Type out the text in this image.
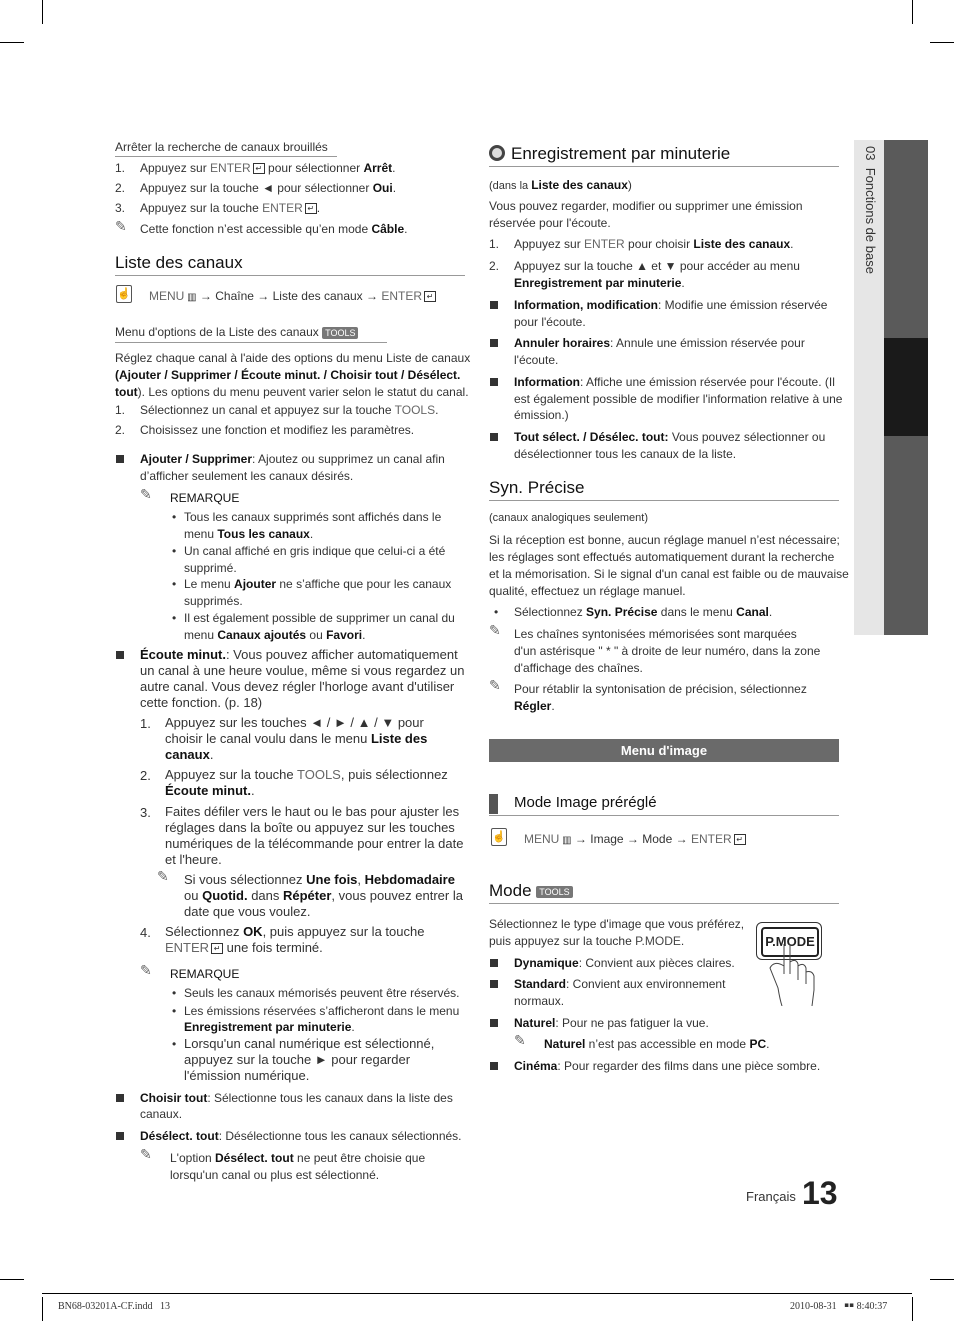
03  Fonctions de base
Arrêter la recherche de canaux brouillés
1. Appuyez sur ENTER ↵ pour sélectionner Arrêt.
2. Appuyez sur la touche ◄ pour sélectionner Oui.
3. Appuyez sur la touche ENTER ↵ .
✎ Cette fonction n’est accessible qu’en mode Câble.
Liste des canaux
☝ MENU ▥ → Chaîne → Liste des canaux → ENTER ↵
Menu d'options de la Liste des canaux TOOLS
Réglez chaque canal à l'aide des options du menu Liste de canaux
(Ajouter / Supprimer / Écoute minut. / Choisir tout / Désélect.
tout). Les options du menu peuvent varier selon le statut du canal.
1. Sélectionnez un canal et appuyez sur la touche TOOLS.
2. Choisissez une fonction et modifiez les paramètres.
Ajouter / Supprimer: Ajoutez ou supprimez un canal afin
d’afficher seulement les canaux désirés.
✎ REMARQUE
• Tous les canaux supprimés sont affichés dans le
menu Tous les canaux.
• Un canal affiché en gris indique que celui-ci a été
supprimé.
• Le menu Ajouter ne s’affiche que pour les canaux
supprimés.
• Il est également possible de supprimer un canal du
menu Canaux ajoutés ou Favori.
Écoute minut.: Vous pouvez afficher automatiquement
un canal à une heure voulue, même si vous regardez un
autre canal. Vous devez régler l'horloge avant d'utiliser
cette fonction. (p. 18)
1. Appuyez sur les touches ◄ / ► / ▲ / ▼ pour
choisir le canal voulu dans le menu Liste des
canaux.
2. Appuyez sur la touche TOOLS, puis sélectionnez
Écoute minut..
3. Faites défiler vers le haut ou le bas pour ajuster les
réglages dans la boîte ou appuyez sur les touches
numériques de la télécommande pour entrer la date
et l'heure.
✎ Si vous sélectionnez Une fois, Hebdomadaire
ou Quotid. dans Répéter, vous pouvez entrer la
date que vous voulez.
4. Sélectionnez OK, puis appuyez sur la touche
ENTER ↵ une fois terminé.
✎ REMARQUE
• Seuls les canaux mémorisés peuvent être réservés.
• Les émissions réservées s’afficheront dans le menu
Enregistrement par minuterie.
• Lorsqu'un canal numérique est sélectionné,
appuyez sur la touche ► pour regarder
l'émission numérique.
Choisir tout: Sélectionne tous les canaux dans la liste des
canaux.
Désélect. tout: Désélectionne tous les canaux sélectionnés.
✎ L'option Désélect. tout ne peut être choisie que
lorsqu'un canal ou plus est sélectionné.
Enregistrement par minuterie
(dans la Liste des canaux)
Vous pouvez regarder, modifier ou supprimer une émission
réservée pour l'écoute.
1. Appuyez sur ENTER pour choisir Liste des canaux.
2. Appuyez sur la touche ▲ et ▼ pour accéder au menu
Enregistrement par minuterie.
Information, modification: Modifie une émission réservée
pour l'écoute.
Annuler horaires: Annule une émission réservée pour
l'écoute.
Information: Affiche une émission réservée pour l'écoute. (Il
est également possible de modifier l'information relative à une
émission.)
Tout sélect. / Désélec. tout: Vous pouvez sélectionner ou
désélectionner tous les canaux de la liste.
Syn. Précise
(canaux analogiques seulement)
Si la réception est bonne, aucun réglage manuel n’est nécessaire;
les réglages sont effectués automatiquement durant la recherche
et la mémorisation. Si le signal d'un canal est faible ou de mauvaise
qualité, effectuez un réglage manuel.
• Sélectionnez Syn. Précise dans le menu Canal.
✎ Les chaînes syntonisées mémorisées sont marquées
d'un astérisque " * " à droite de leur numéro, dans la zone
d'affichage des chaînes.
✎ Pour rétablir la syntonisation de précision, sélectionnez
Régler.
Menu d'image
Mode Image préréglé
☝ MENU ▥ → Image → Mode → ENTER ↵
Mode TOOLS
Sélectionnez le type d'image que vous préférez,
puis appuyez sur la touche P.MODE.	P.MODE
Dynamique: Convient aux pièces claires.
Standard: Convient aux environnement
normaux.
Naturel: Pour ne pas fatiguer la vue.
✎ Naturel n’est pas accessible en mode PC.
Cinéma: Pour regarder des films dans une pièce sombre.
Français 13
BN68-03201A-CF.indd   13	2010-08-31   ￭￭ 8:40:37
